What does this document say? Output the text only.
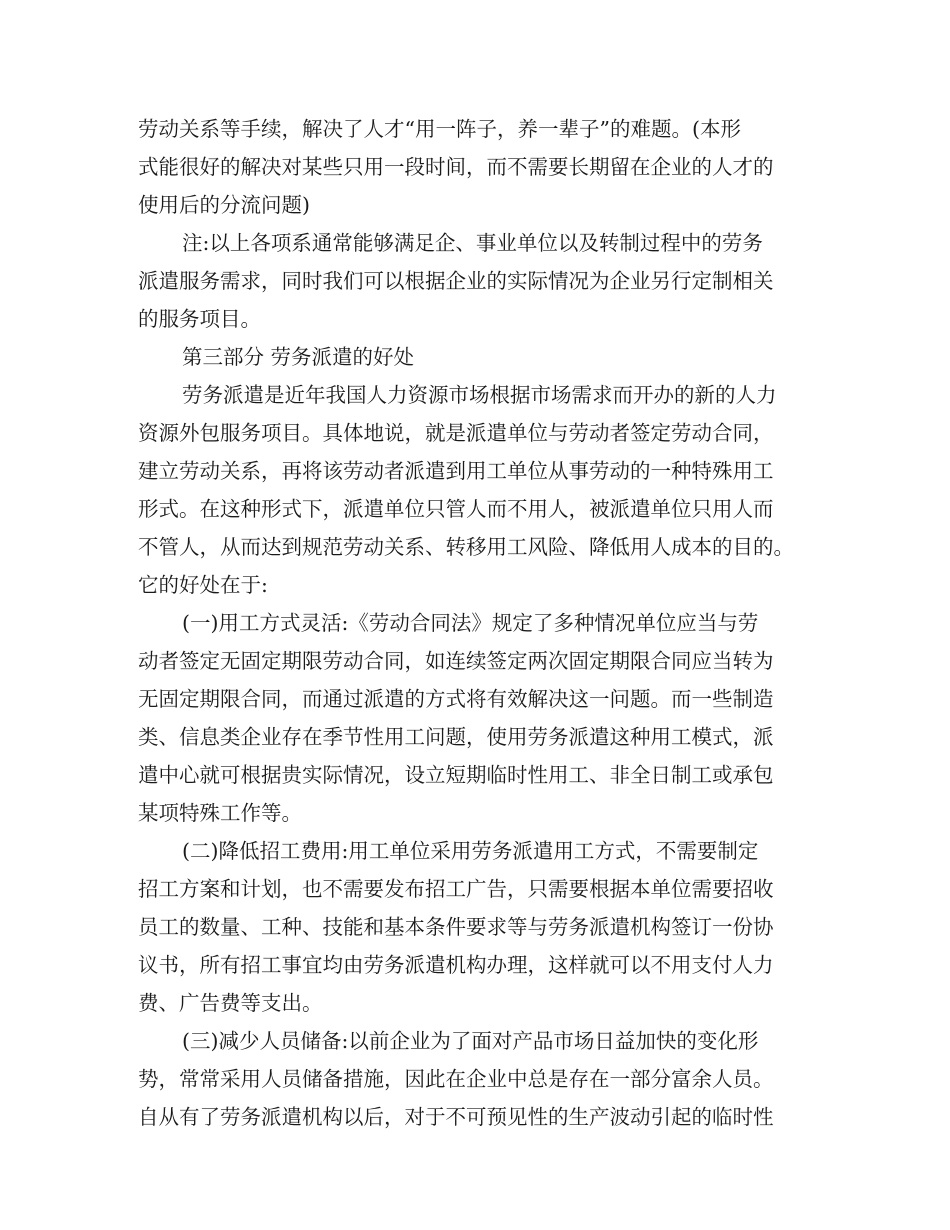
劳动关系等手续，解决了人才“用一阵子，养一辈子”的难题。(本形
式能很好的解决对某些只用一段时间，而不需要长期留在企业的人才的
使用后的分流问题)
注:以上各项系通常能够满足企、事业单位以及转制过程中的劳务
派遣服务需求，同时我们可以根据企业的实际情况为企业另行定制相关
的服务项目。
第三部分 劳务派遣的好处
劳务派遣是近年我国人力资源市场根据市场需求而开办的新的人力
资源外包服务项目。具体地说，就是派遣单位与劳动者签定劳动合同，
建立劳动关系，再将该劳动者派遣到用工单位从事劳动的一种特殊用工
形式。在这种形式下，派遣单位只管人而不用人，被派遣单位只用人而
不管人，从而达到规范劳动关系、转移用工风险、降低用人成本的目的。
它的好处在于:
(一)用工方式灵活:《劳动合同法》规定了多种情况单位应当与劳
动者签定无固定期限劳动合同，如连续签定两次固定期限合同应当转为
无固定期限合同，而通过派遣的方式将有效解决这一问题。而一些制造
类、信息类企业存在季节性用工问题，使用劳务派遣这种用工模式，派
遣中心就可根据贵实际情况，设立短期临时性用工、非全日制工或承包
某项特殊工作等。
(二)降低招工费用:用工单位采用劳务派遣用工方式，不需要制定
招工方案和计划，也不需要发布招工广告，只需要根据本单位需要招收
员工的数量、工种、技能和基本条件要求等与劳务派遣机构签订一份协
议书，所有招工事宜均由劳务派遣机构办理，这样就可以不用支付人力
费、广告费等支出。
(三)减少人员储备:以前企业为了面对产品市场日益加快的变化形
势，常常采用人员储备措施，因此在企业中总是存在一部分富余人员。
自从有了劳务派遣机构以后，对于不可预见性的生产波动引起的临时性
